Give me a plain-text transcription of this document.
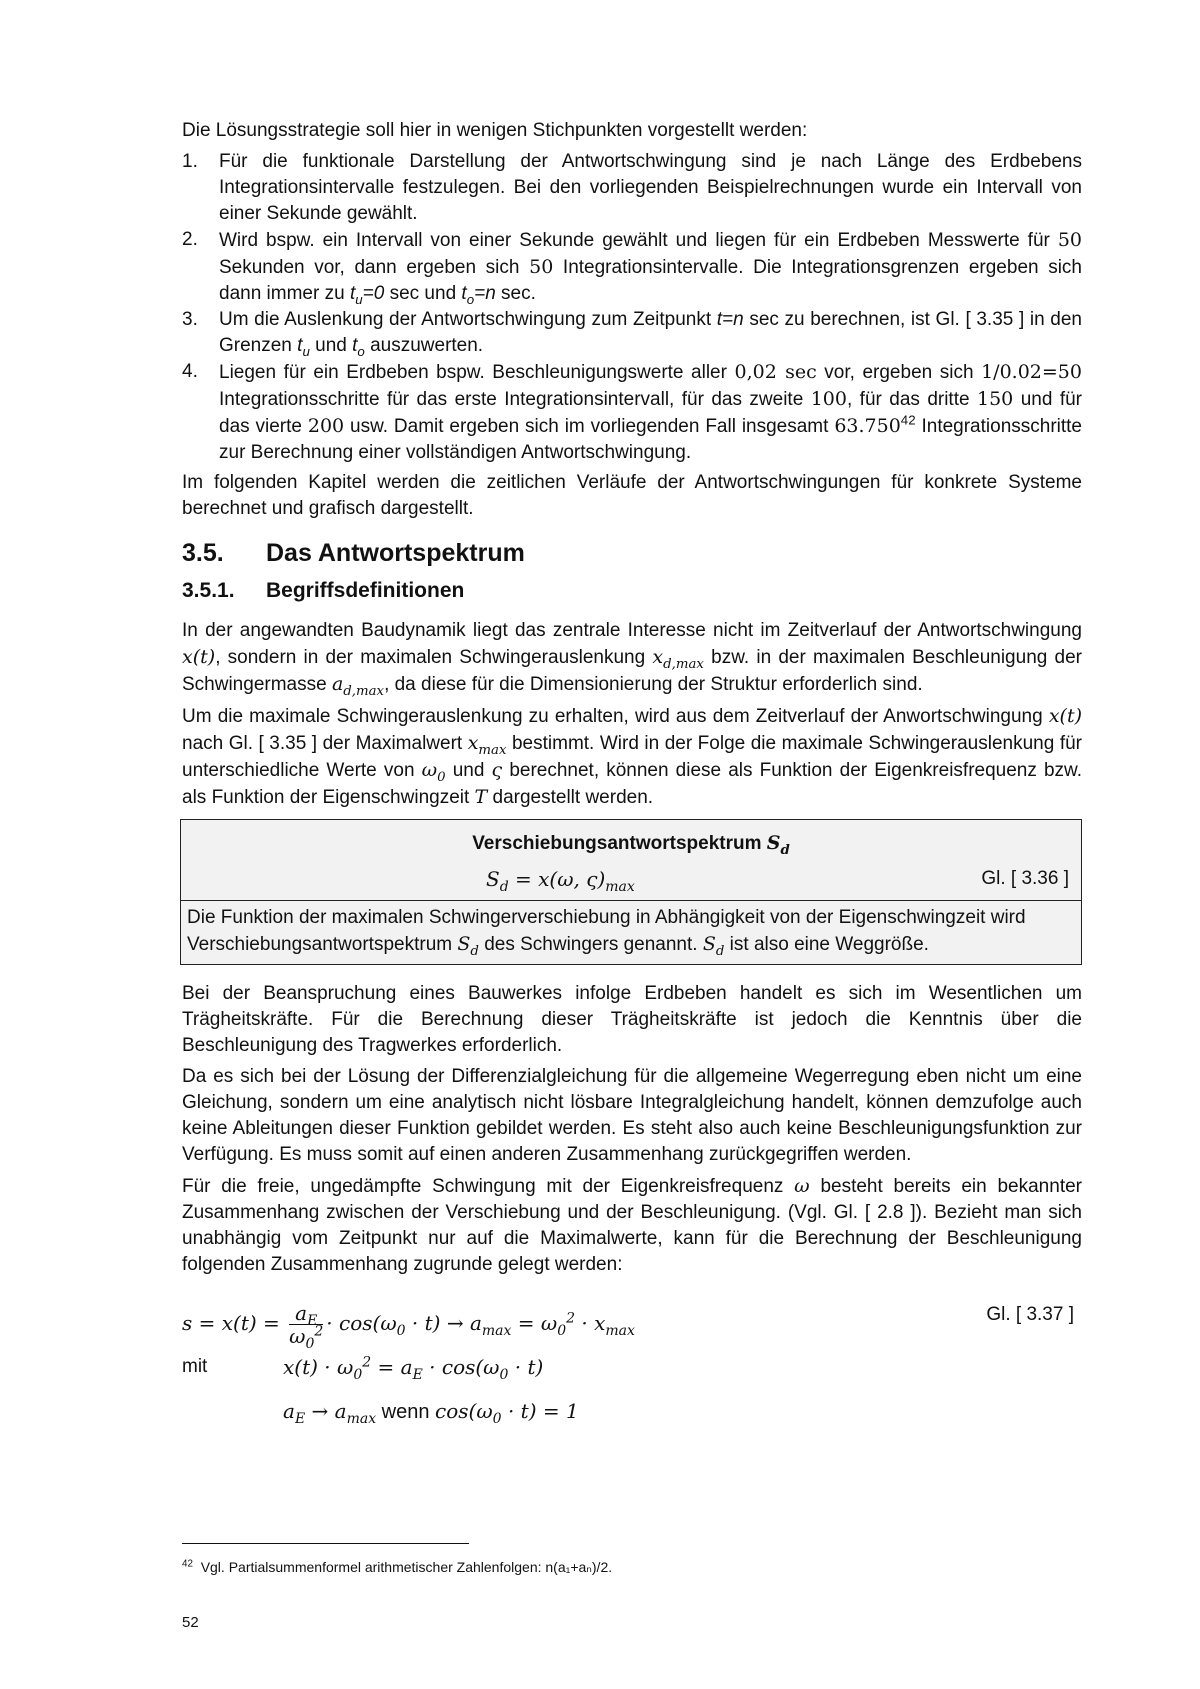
Die Lösungsstrategie soll hier in wenigen Stichpunkten vorgestellt werden:

1. Für die funktionale Darstellung der Antwortschwingung sind je nach Länge des Erdbebens Integrationsintervalle festzulegen. Bei den vorliegenden Beispielrechnungen wurde ein Intervall von einer Sekunde gewählt.
2. Wird bspw. ein Intervall von einer Sekunde gewählt und liegen für ein Erdbeben Messwerte für 50 Sekunden vor, dann ergeben sich 50 Integrationsintervalle. Die Integrationsgrenzen ergeben sich dann immer zu $t_u=0$ sec und $t_o=n$ sec.
3. Um die Auslenkung der Antwortschwingung zum Zeitpunkt t=n sec zu berechnen, ist Gl. [ 3.35 ] in den Grenzen $t_u$ und $t_o$ auszuwerten.
4. Liegen für ein Erdbeben bspw. Beschleunigungswerte aller 0,02 sec vor, ergeben sich 1/0.02=50 Integrationsschritte für das erste Integrationsintervall, für das zweite 100, für das dritte 150 und für das vierte 200 usw. Damit ergeben sich im vorliegenden Fall insgesamt 63.750$^{42}$ Integrationsschritte zur Berechnung einer vollständigen Antwortschwingung.

Im folgenden Kapitel werden die zeitlichen Verläufe der Antwortschwingungen für konkrete Systeme berechnet und grafisch dargestellt.

3.5. Das Antwortspektrum
3.5.1. Begriffsdefinitionen

In der angewandten Baudynamik liegt das zentrale Interesse nicht im Zeitverlauf der Antwortschwingung x(t), sondern in der maximalen Schwingerauslenkung $x_{d,max}$ bzw. in der maximalen Beschleunigung der Schwingermasse $a_{d,max}$, da diese für die Dimensionierung der Struktur erforderlich sind.

Um die maximale Schwingerauslenkung zu erhalten, wird aus dem Zeitverlauf der Anwortschwingung x(t) nach Gl. [ 3.35 ] der Maximalwert $x_{max}$ bestimmt. Wird in der Folge die maximale Schwingerauslenkung für unterschiedliche Werte von $\omega_0$ und ς berechnet, können diese als Funktion der Eigenkreisfrequenz bzw. als Funktion der Eigenschwingzeit T dargestellt werden.

Verschiebungsantwortspektrum $S_d$
$S_d = x(\omega$, $\varsigma)_{max}$	Gl. [ 3.36 ]
Die Funktion der maximalen Schwingerverschiebung in Abhängigkeit von der Eigenschwingzeit wird Verschiebungsantwortspektrum $S_d$ des Schwingers genannt. $S_d$ ist also eine Weggröße.

Bei der Beanspruchung eines Bauwerkes infolge Erdbeben handelt es sich im Wesentlichen um Trägheitskräfte. Für die Berechnung dieser Trägheitskräfte ist jedoch die Kenntnis über die Beschleunigung des Tragwerkes erforderlich.

Da es sich bei der Lösung der Differenzialgleichung für die allgemeine Wegerregung eben nicht um eine Gleichung, sondern um eine analytisch nicht lösbare Integralgleichung handelt, können demzufolge auch keine Ableitungen dieser Funktion gebildet werden. Es steht also auch keine Beschleunigungsfunktion zur Verfügung. Es muss somit auf einen anderen Zusammenhang zurückgegriffen werden.

Für die freie, ungedämpfte Schwingung mit der Eigenkreisfrequenz ω besteht bereits ein bekannter Zusammenhang zwischen der Verschiebung und der Beschleunigung. (Vgl. Gl. [ 2.8 ]). Bezieht man sich unabhängig vom Zeitpunkt nur auf die Maximalwerte, kann für die Berechnung der Beschleunigung folgenden Zusammenhang zugrunde gelegt werden:

$s = x(t) = \frac{a_E}{\omega_0^2} \cdot \cos(\omega_0 \cdot t) \to a_{max} = \omega_0^2 \cdot x_{max}$
Gl. [ 3.37 ]
mit	$x(t) \cdot \omega_0^2 = a_E \cdot \cos(\omega_0 \cdot t)$
$a_E \to a_{max}$ wenn $\cos(\omega_0 \cdot t) = 1$
$^{42}$ Vgl. Partialsummenformel arithmetischer Zahlenfolgen: n(a₁+aₙ)/2.
52
